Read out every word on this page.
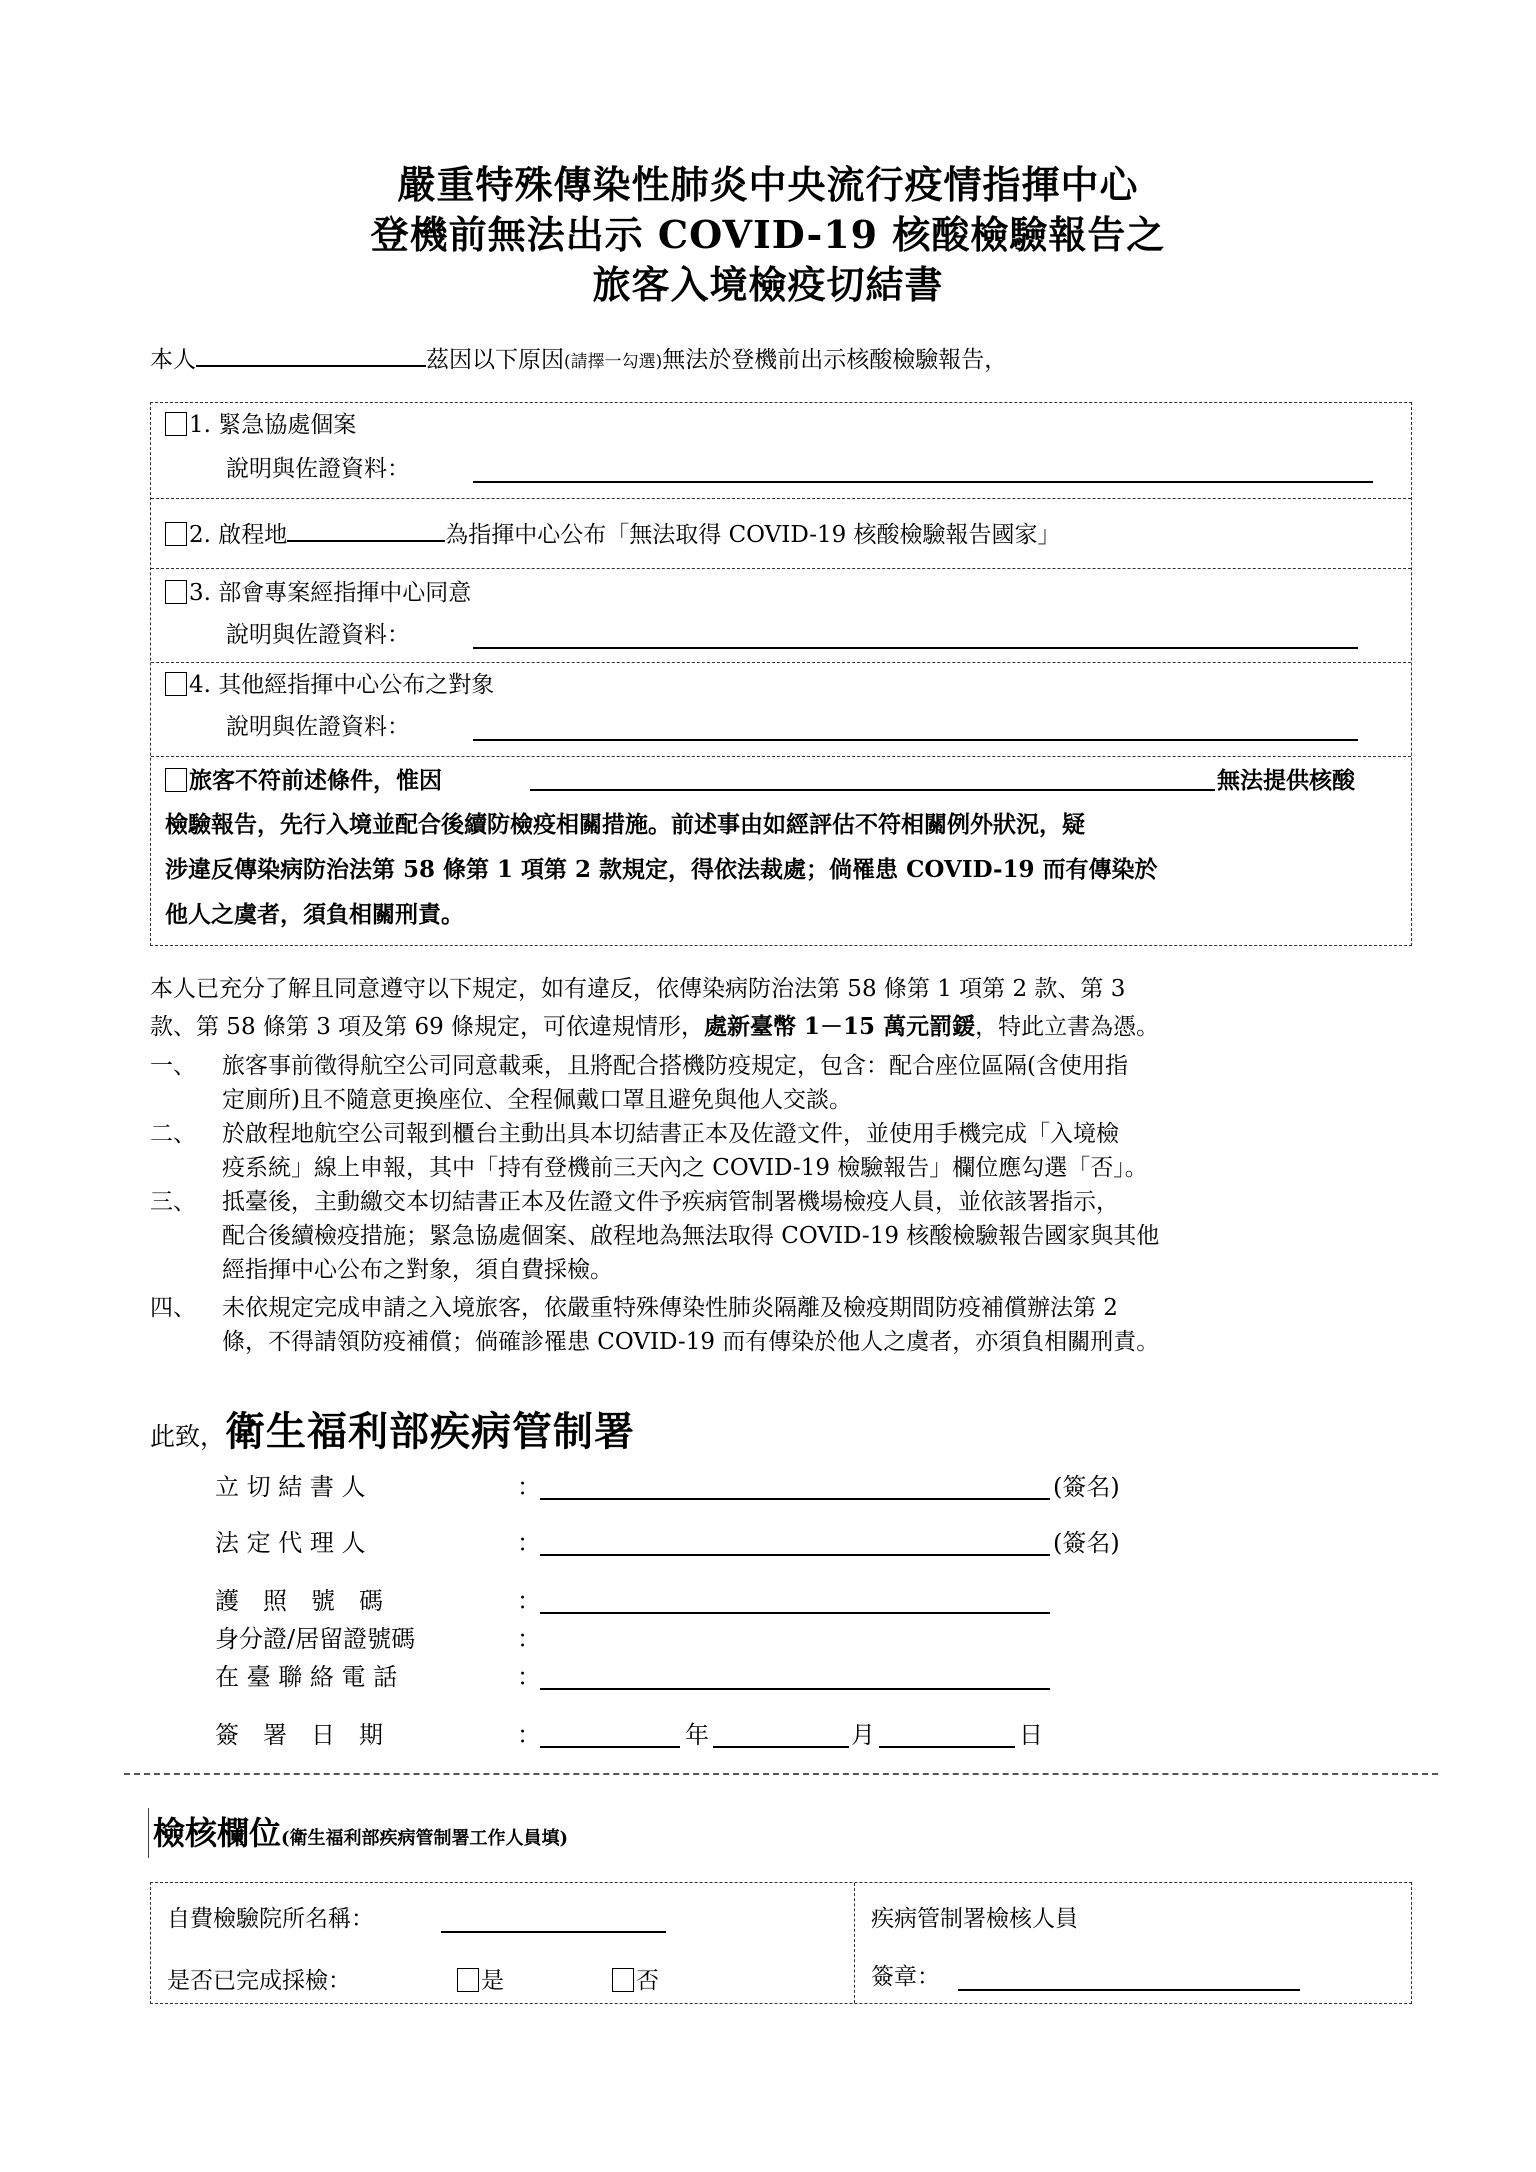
嚴重特殊傳染性肺炎中央流行疫情指揮中心
登機前無法出示 COVID-19 核酸檢驗報告之
旅客入境檢疫切結書
本人	茲因以下原因(請擇一勾選)無法於登機前出示核酸檢驗報告，
1. 緊急協處個案
說明與佐證資料：
2. 啟程地	為指揮中心公布「無法取得 COVID-19 核酸檢驗報告國家」
3. 部會專案經指揮中心同意
說明與佐證資料：
4. 其他經指揮中心公布之對象
說明與佐證資料：
旅客不符前述條件，惟因	無法提供核酸
檢驗報告，先行入境並配合後續防檢疫相關措施。前述事由如經評估不符相關例外狀況，疑
涉違反傳染病防治法第 58 條第 1 項第 2 款規定，得依法裁處；倘罹患 COVID-19 而有傳染於
他人之虞者，須負相關刑責。
本人已充分了解且同意遵守以下規定，如有違反，依傳染病防治法第 58 條第 1 項第 2 款、第 3
款、第 58 條第 3 項及第 69 條規定，可依違規情形，處新臺幣 1－15 萬元罰鍰，特此立書為憑。
一、	旅客事前徵得航空公司同意載乘，且將配合搭機防疫規定，包含：配合座位區隔(含使用指
定廁所)且不隨意更換座位、全程佩戴口罩且避免與他人交談。
二、	於啟程地航空公司報到櫃台主動出具本切結書正本及佐證文件，並使用手機完成「入境檢
疫系統」線上申報，其中「持有登機前三天內之 COVID-19 檢驗報告」欄位應勾選「否」。
三、	抵臺後，主動繳交本切結書正本及佐證文件予疾病管制署機場檢疫人員，並依該署指示，
配合後續檢疫措施；緊急協處個案、啟程地為無法取得 COVID-19 核酸檢驗報告國家與其他
經指揮中心公布之對象，須自費採檢。
四、	未依規定完成申請之入境旅客，依嚴重特殊傳染性肺炎隔離及檢疫期間防疫補償辦法第 2
條，不得請領防疫補償；倘確診罹患 COVID-19 而有傳染於他人之虞者，亦須負相關刑責。
此致，衛生福利部疾病管制署
立 切 結 書 人	：	(簽名)
法 定 代 理 人	：	(簽名)
護　照　號　碼	：
身分證/居留證號碼	：
在 臺 聯 絡 電 話	：
簽　署　日　期	：	年	月	日
檢核欄位(衛生福利部疾病管制署工作人員填)
自費檢驗院所名稱：
是否已完成採檢：	是	否
疾病管制署檢核人員
簽章：
